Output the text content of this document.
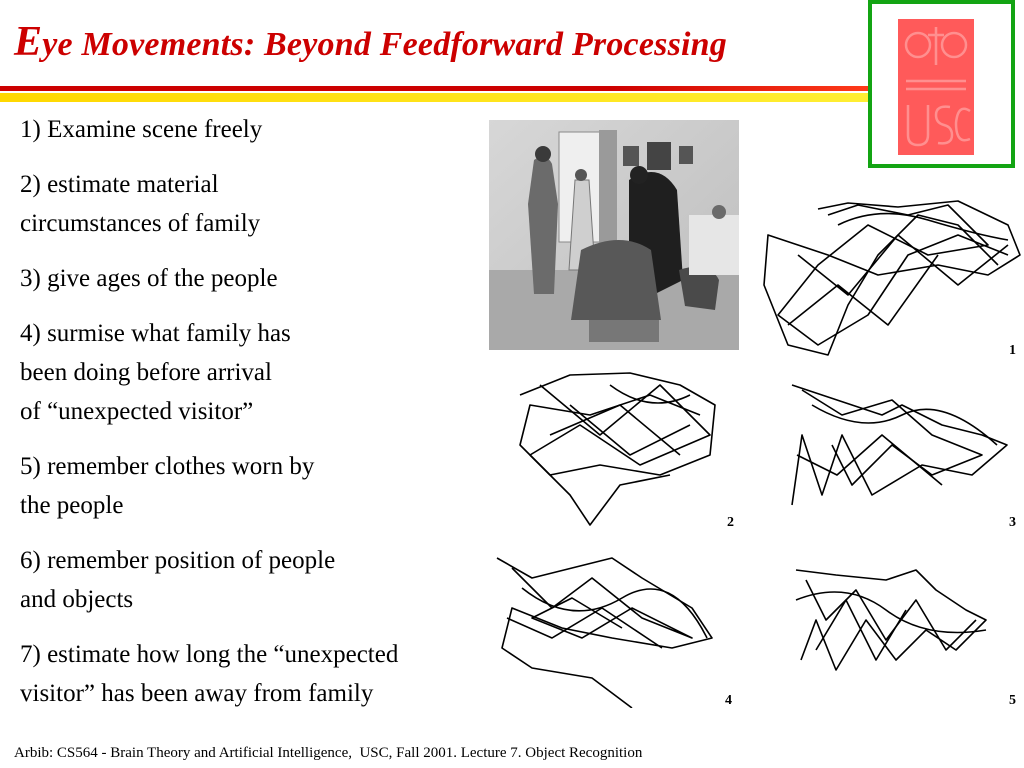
Eye Movements: Beyond Feedforward Processing
1) Examine scene freely
2) estimate material
circumstances of family
3) give ages of the people
4) surmise what family has
been doing before arrival
of “unexpected visitor”
5) remember clothes worn by
the people
6) remember position of people
and objects
7) estimate how long the “unexpected
visitor” has been away from family
1
2	3
4	5
Arbib: CS564 - Brain Theory and Artificial Intelligence,  USC, Fall 2001. Lecture 7. Object Recognition
